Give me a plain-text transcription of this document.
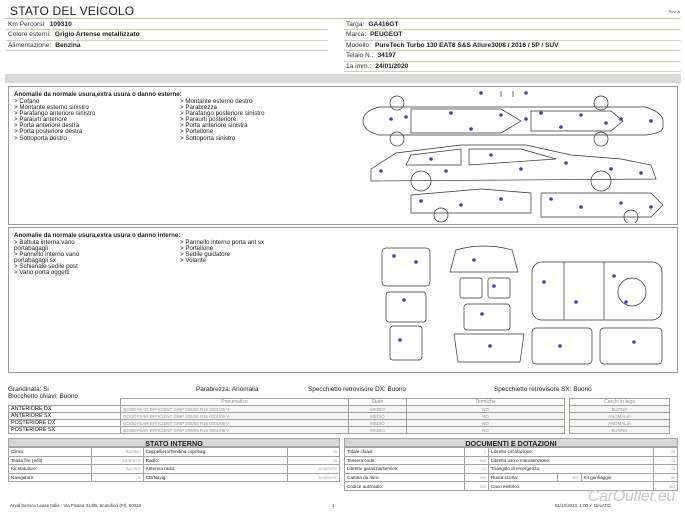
STATO DEL VEICOLO	Rev. A
Km Percorsi: 109310
Colore esterni: Grigio Artense metallizzato
Alimentazione: Benzina
Targa: GA416GT
Marca: PEUGEOT
Modello: PureTech Turbo 130 EAT8 S&S Allure3008 / 2016 / 5P / SUV
Telaio N.: 34197
1a imm.: 24/01/2020
Anomalie da normale usura,extra usura o danno esterne:
> Cofano
> Montante esterno sinistro
> Parafango anteriore sinistro
> Paraurti anteriore
> Porta anteriore destra
> Porta posteriore destra
> Sottoporta destro
> Montante esterno destro
> Parabrezza
> Parafango posteriore sinistro
> Paraurti posteriore
> Porta anteriore sinistra
> Portellone
> Sottoporta sinistro
Anomalie da normale usura,extra usura o danno interne:
> Battuta interna vano
portabagagli
> Pannello interno vano
portabagagli sx
> Schienale sedile post
> Vano porta oggetti
> Pannello interno porta ant sx
> Portellone
> Sedile guidatore
> Volante
Grandinata: Si	Parabrezza: Anomalia	Specchietto retrovisore DX: Buono	Specchietto retrovisore SX: Buono
Blocchetto chiavi: Buono
	Pneumatico	Stato	Termiche		Cerchi in lega
ANTERIORE DX	GOODYEAR EFFICIENT GRIP 205/55 R16 0001/06 V	MEDIO	NO		BUONO
ANTERIORE SX	GOODYEAR EFFICIENT GRIP 205/55 R16 0001/06 V	MEDIO	NO		ANOMALIA
POSTERIORE DX	GOODYEAR EFFICIENT GRIP 205/55 R16 0001/06 V	MEDIO	NO		ANOMALIA
POSTERIORE SX	GOODYEAR EFFICIENT GRIP 205/55 R16 0001/06 V	MEDIO	NO		BUONO
STATO INTERNO
Clima:	BUONO	Cappelliera/Tendina copribag:	SI
Tessa fire (edit):	ASSENTE	Radio:	SI
Kit statuisce:	BUONO	Antenna radio:	ASSENTE
Navigatore:	SI	CD/Navig.:	ASSENTE
DOCUMENTI E DOTAZIONI
Totale chiavi:	2	Libretto circolazione:			SI
Tessera code:	NO	Libretto uso e manutenzione:			SI
Libretto garanzia/service:	SI	Triangolo di emergenza:			SI
Cartina da ritiro:	NO	Ruota scorta:	NO	Kit gonfiaggio:	SI
Codice autoradio:	NO	Cavo elettrico:			NO
Arval Service Lease Italia - Via Pisana 314/B, Scandicci (FI), 50018	1	01/12/2023, 1:00 ✓ DevATO
CarOutlet.eu
